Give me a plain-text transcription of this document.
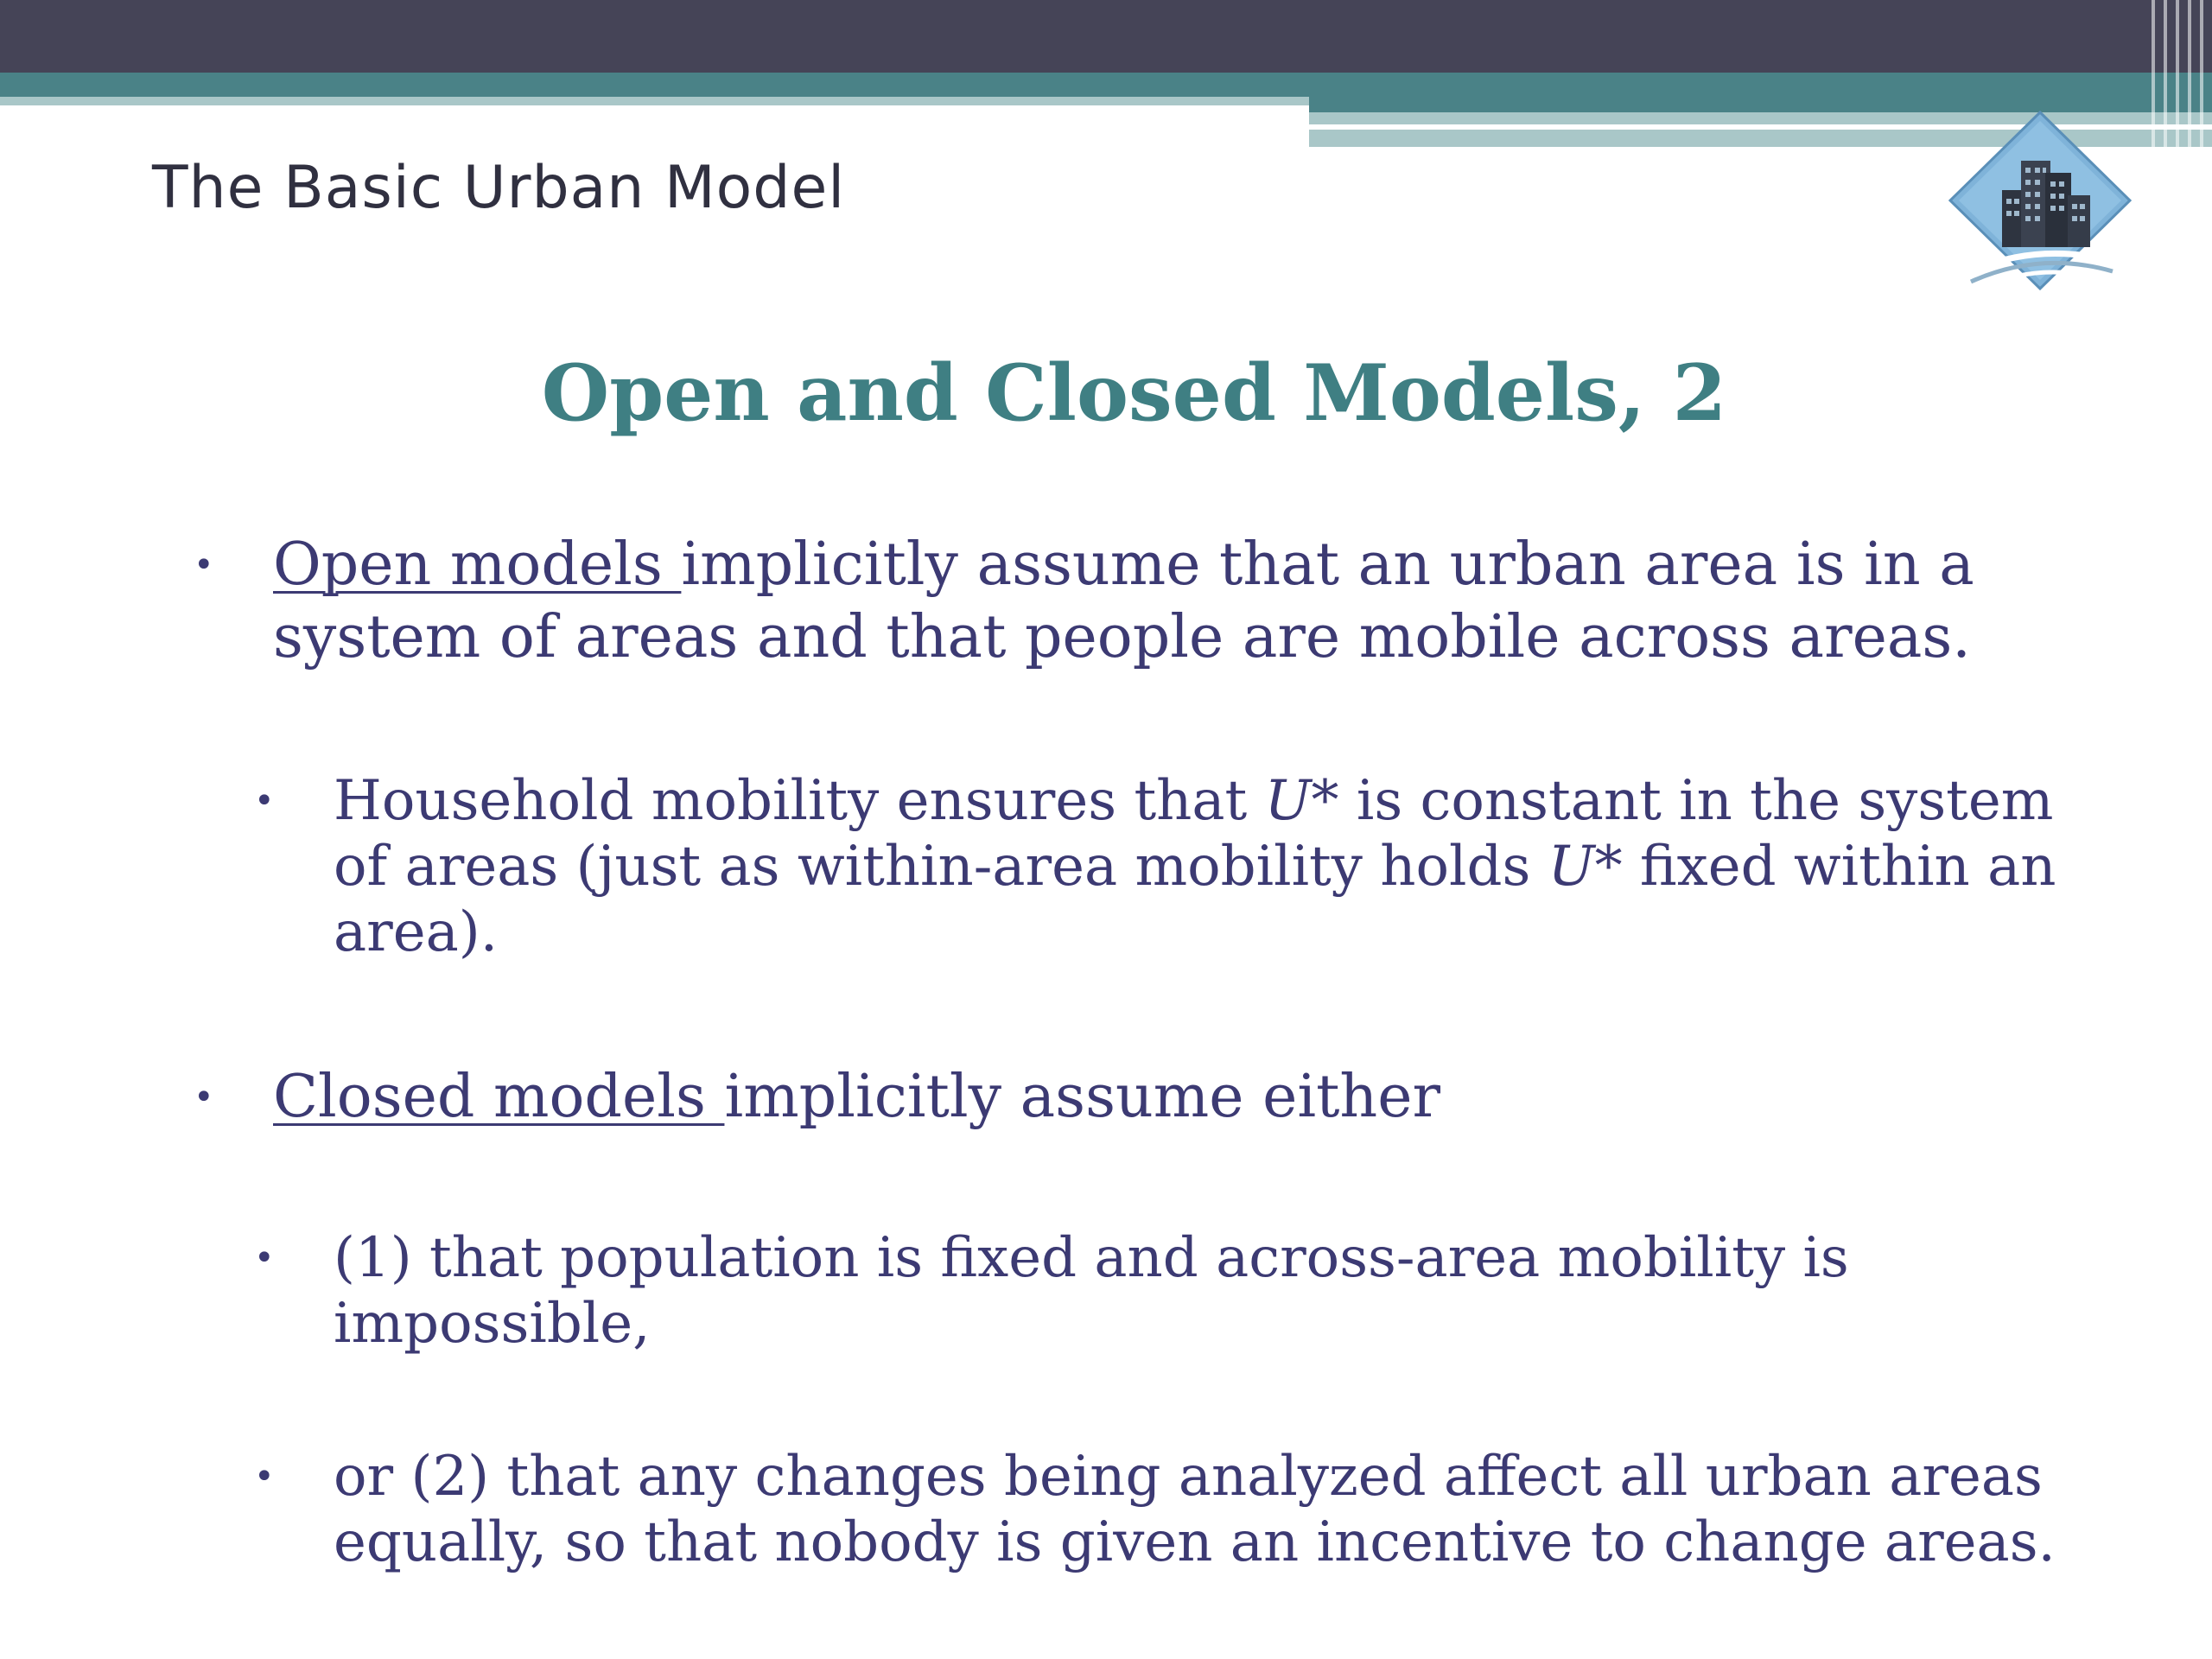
The Basic Urban Model
Open and Closed Models, 2
• Open models implicitly assume that an urban area is in a system of areas and that people are mobile across areas.
• Household mobility ensures that U* is constant in the system of areas (just as within-area mobility holds U* fixed within an area).
• Closed models implicitly assume either
• (1) that population is fixed and across-area mobility is impossible,
• or (2) that any changes being analyzed affect all urban areas equally, so that nobody is given an incentive to change areas.
